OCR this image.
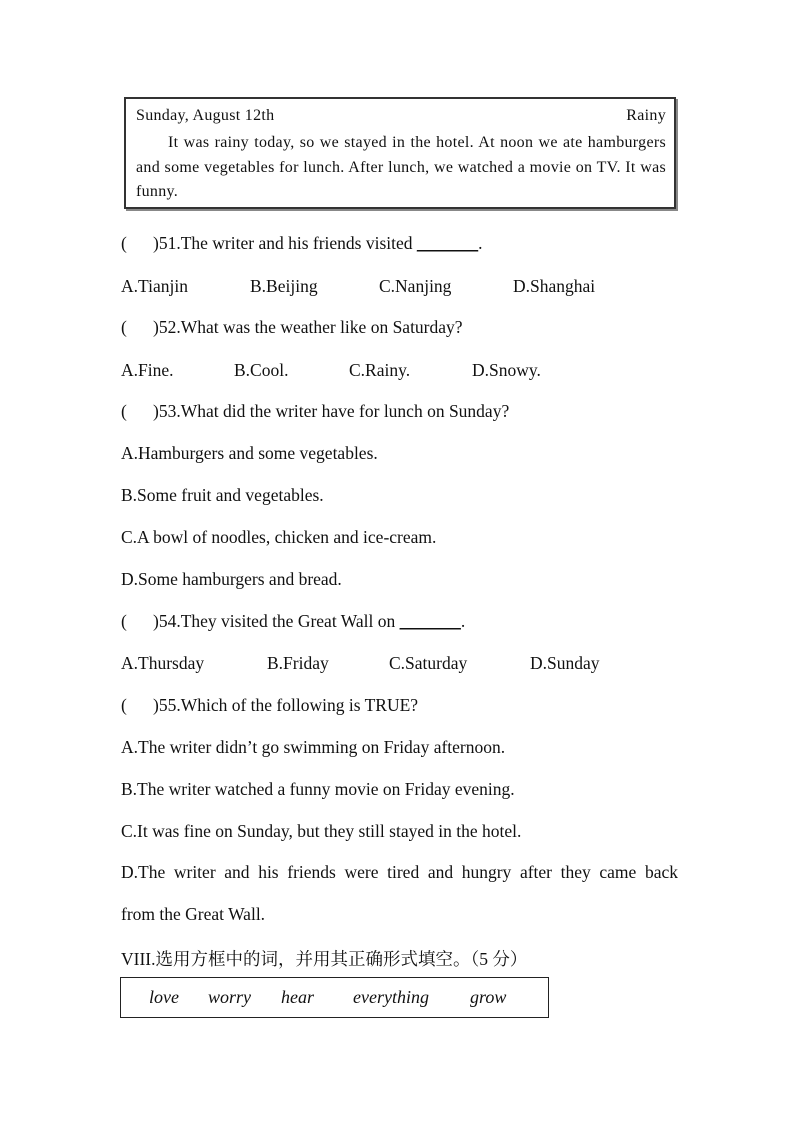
Sunday, August 12th	Rainy
It was rainy today, so we stayed in the hotel. At noon we ate hamburgers and some vegetables for lunch. After lunch, we watched a movie on TV. It was funny.
( )51.The writer and his friends visited _______.
A.Tianjin	B.Beijing	C.Nanjing	D.Shanghai
( )52.What was the weather like on Saturday?
A.Fine.	B.Cool.	C.Rainy.	D.Snowy.
( )53.What did the writer have for lunch on Sunday?
A.Hamburgers and some vegetables.
B.Some fruit and vegetables.
C.A bowl of noodles, chicken and ice-cream.
D.Some hamburgers and bread.
( )54.They visited the Great Wall on _______.
A.Thursday	B.Friday	C.Saturday	D.Sunday
( )55.Which of the following is TRUE?
A.The writer didn’t go swimming on Friday afternoon.
B.The writer watched a funny movie on Friday evening.
C.It was fine on Sunday, but they still stayed in the hotel.
D.The writer and his friends were tired and hungry after they came back
from the Great Wall.
VIII.选用方框中的词，并用其正确形式填空。（5 分）
love worry hear everything grow
